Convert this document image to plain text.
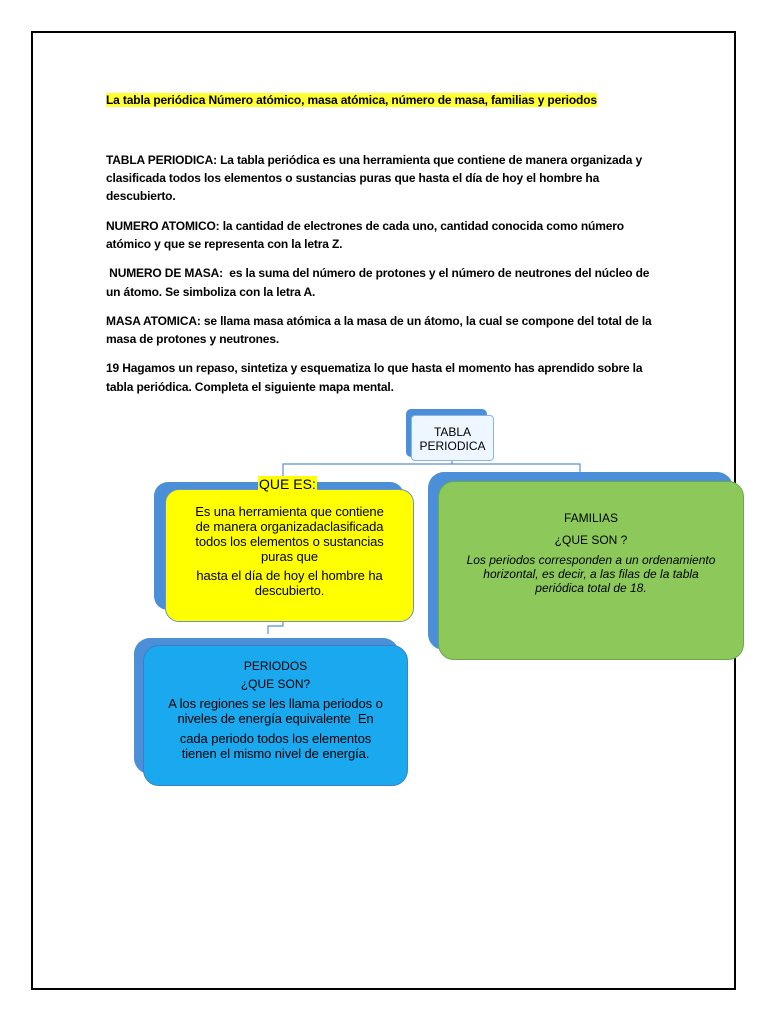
La tabla periódica Número atómico, masa atómica, número de masa, familias y periodos
TABLA PERIODICA: La tabla periódica es una herramienta que contiene de manera organizada y
clasificada todos los elementos o sustancias puras que hasta el día de hoy el hombre ha
descubierto.
NUMERO ATOMICO: la cantidad de electrones de cada uno, cantidad conocida como número
atómico y que se representa con la letra Z.
NUMERO DE MASA:  es la suma del número de protones y el número de neutrones del núcleo de
un átomo. Se simboliza con la letra A.
MASA ATOMICA: se llama masa atómica a la masa de un átomo, la cual se compone del total de la
masa de protones y neutrones.
19 Hagamos un repaso, sintetiza y esquematiza lo que hasta el momento has aprendido sobre la
tabla periódica. Completa el siguiente mapa mental.
TABLA
PERIODICA
Es una herramienta que contiene
de manera organizadaclasificada
todos los elementos o sustancias
puras que
hasta el día de hoy el hombre ha
descubierto.
QUE ES:
FAMILIAS
¿QUE SON ?
Los periodos corresponden a un ordenamiento
horizontal, es decir, a las filas de la tabla
periódica total de 18.
PERIODOS
¿QUE SON?
A los regiones se les llama periodos o
niveles de energía equivalente  En
cada periodo todos los elementos
tienen el mismo nivel de energía.
